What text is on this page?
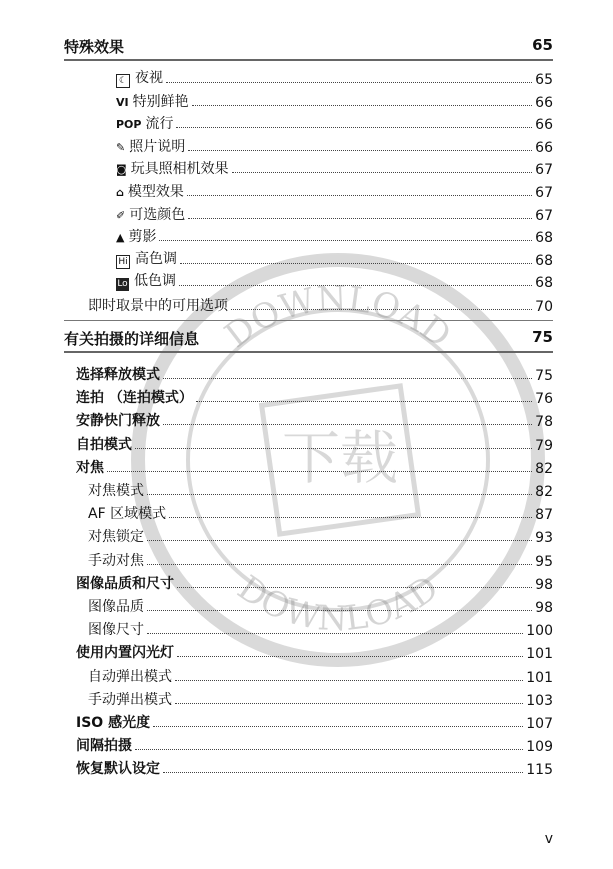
DOWNLOAD
DOWNLOAD
下载
特殊效果	65
☾ 夜视	65
VI 特别鲜艳	66
POP 流行	66
✎ 照片说明	66
◙ 玩具照相机效果	67
⌂ 模型效果	67
✐ 可选颜色	67
▲ 剪影	68
Hi 高色调	68
Lo 低色调	68
即时取景中的可用选项	70
有关拍摄的详细信息	75
选择释放模式	75
连拍 （连拍模式）	76
安静快门释放	78
自拍模式	79
对焦	82
对焦模式	82
AF 区域模式	87
对焦锁定	93
手动对焦	95
图像品质和尺寸	98
图像品质	98
图像尺寸	100
使用内置闪光灯	101
自动弹出模式	101
手动弹出模式	103
ISO 感光度	107
间隔拍摄	109
恢复默认设定	115
v
